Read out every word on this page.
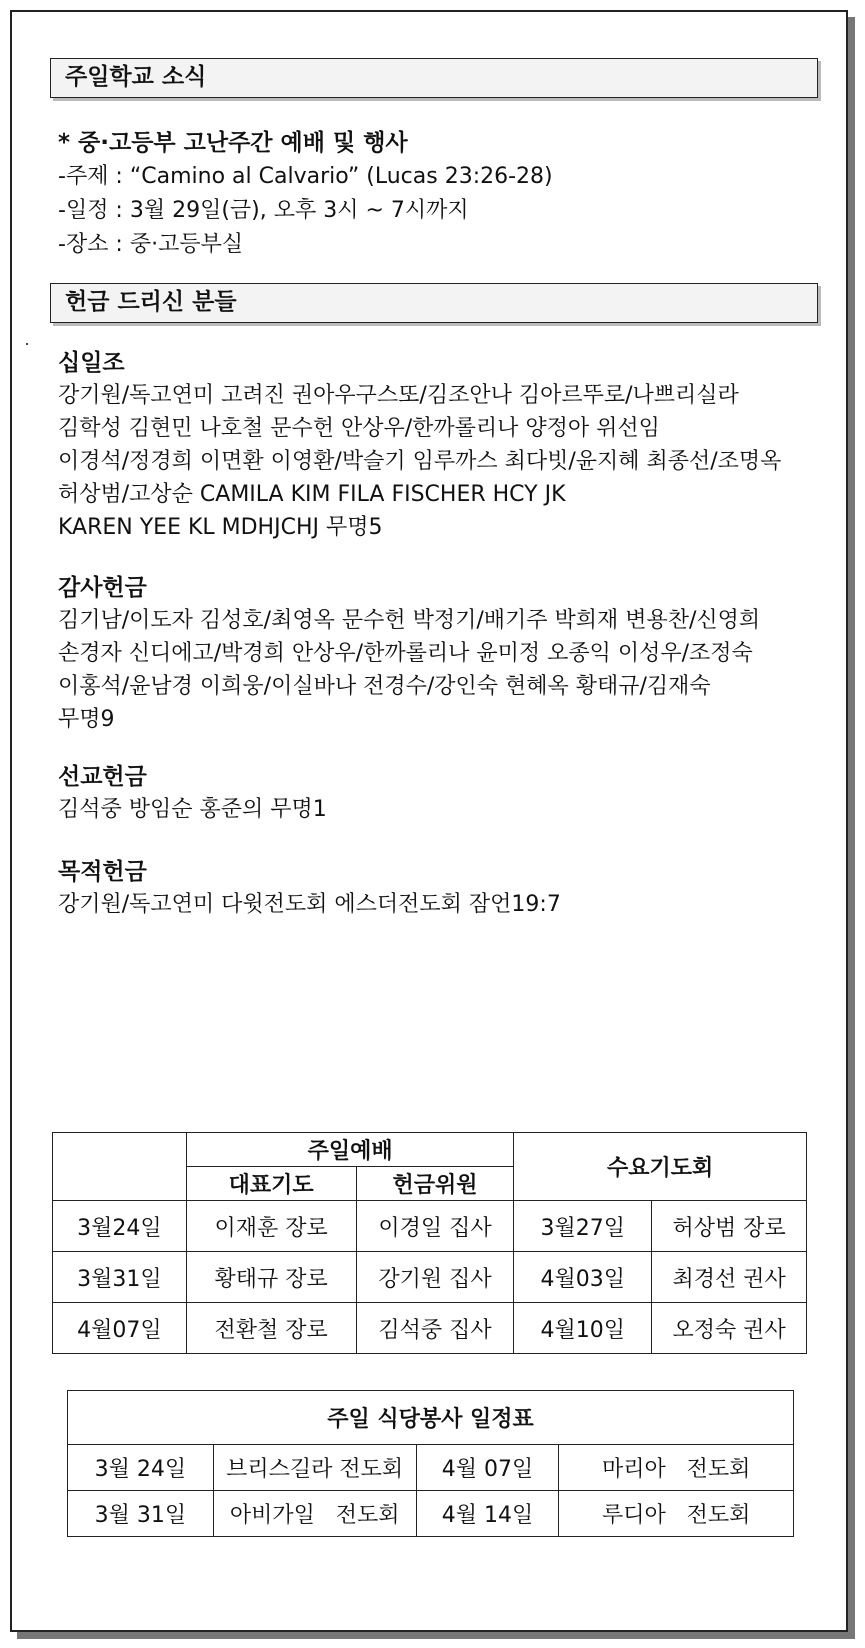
주일학교 소식
* 중·고등부 고난주간 예배 및 행사
-주제 : “Camino al Calvario” (Lucas 23:26-28)
-일정 : 3월 29일(금), 오후 3시 ~ 7시까지
-장소 : 중·고등부실
헌금 드리신 분들
십일조
강기원/독고연미 고려진 권아우구스또/김조안나 김아르뚜로/나쁘리실라
김학성 김현민 나호철 문수헌 안상우/한까롤리나 양정아 위선임
이경석/정경희 이면환 이영환/박슬기 임루까스 최다빗/윤지혜 최종선/조명옥
허상범/고상순 CAMILA KIM FILA FISCHER HCY JK
KAREN YEE KL MDHJCHJ 무명5
감사헌금
김기남/이도자 김성호/최영옥 문수헌 박정기/배기주 박희재 변용찬/신영희
손경자 신디에고/박경희 안상우/한까롤리나 윤미정 오종익 이성우/조정숙
이홍석/윤남경 이희웅/이실바나 전경수/강인숙 현혜옥 황태규/김재숙
무명9
선교헌금
김석중 방임순 홍준의 무명1
목적헌금
강기원/독고연미 다윗전도회 에스더전도회 잠언19:7
	주일예배		수요기도회	
	대표기도	헌금위원		
3월24일	이재훈 장로	이경일 집사	3월27일	허상범 장로
3월31일	황태규 장로	강기원 집사	4월03일	최경선 권사
4월07일	전환철 장로	김석중 집사	4월10일	오정숙 권사
주일 식당봉사 일정표			
3월 24일	브리스길라 전도회	4월 07일	마리아   전도회
3월 31일	아비가일   전도회	4월 14일	루디아   전도회
